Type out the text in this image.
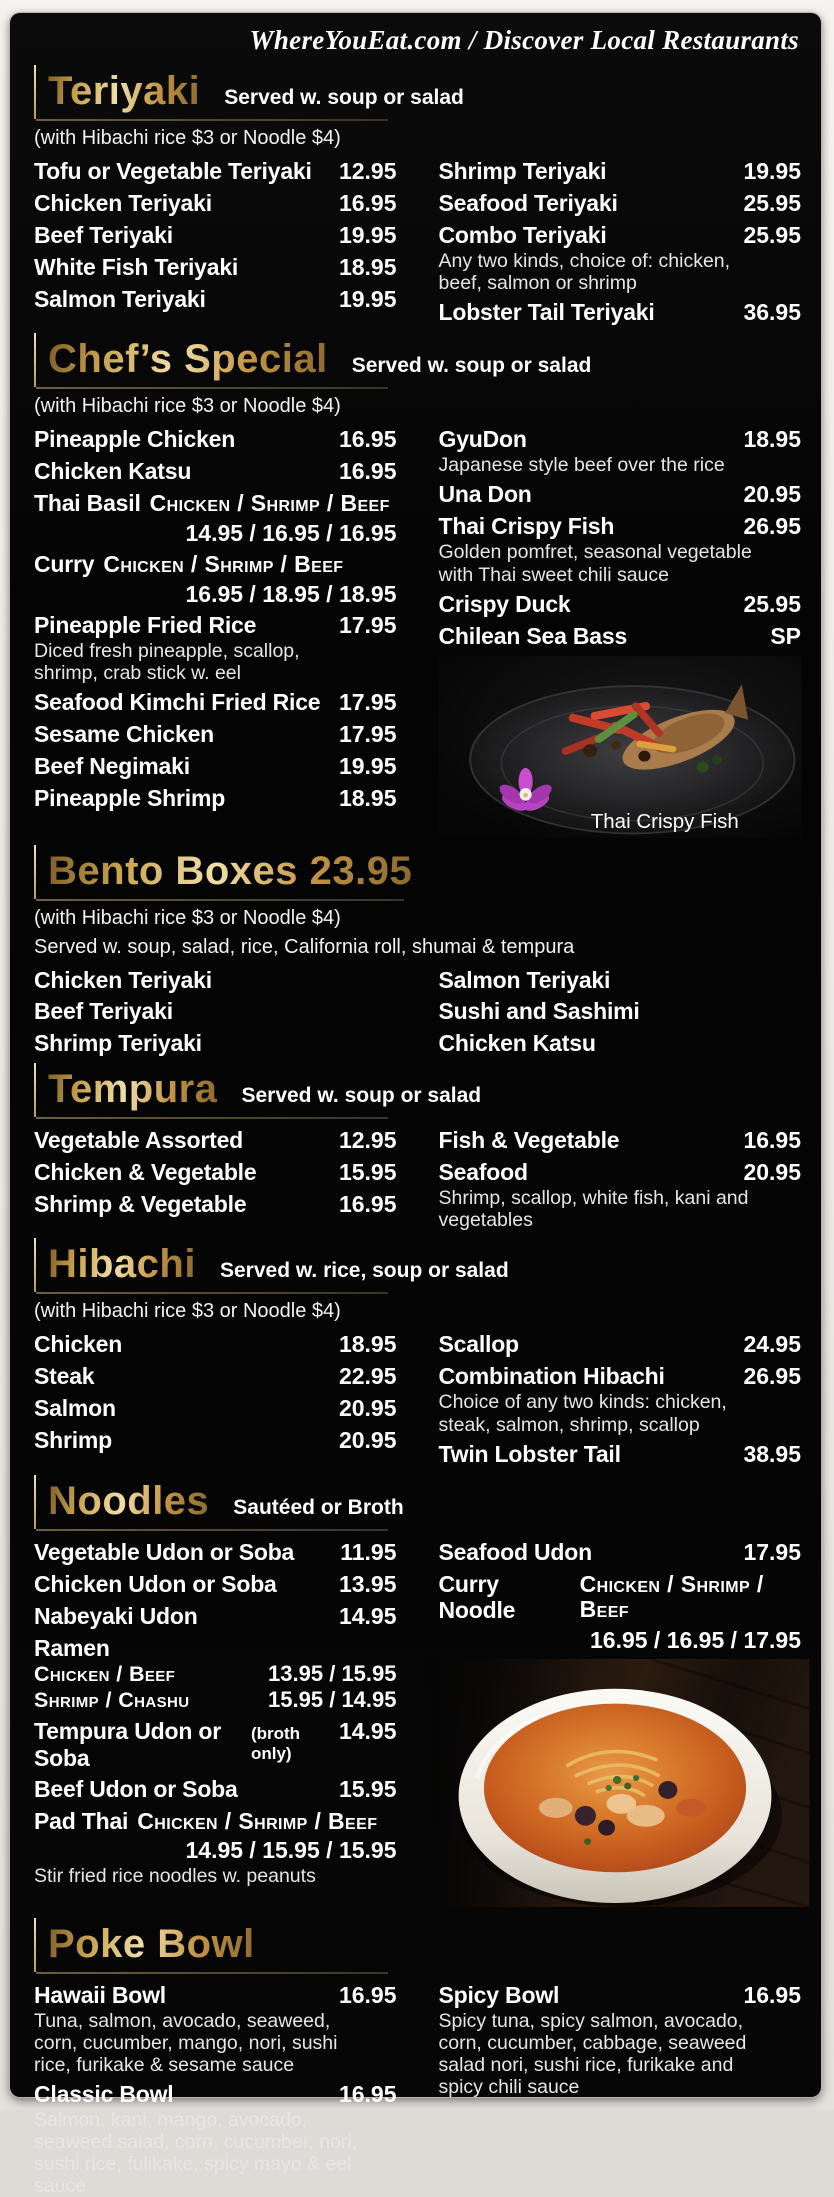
WhereYouEat.com / Discover Local Restaurants
Teriyaki Served w. soup or salad
(with Hibachi rice $3 or Noodle $4)
Tofu or Vegetable Teriyaki 12.95
Chicken Teriyaki	16.95
Beef Teriyaki	19.95
White Fish Teriyaki	18.95
Salmon Teriyaki	19.95
Shrimp Teriyaki	19.95
Seafood Teriyaki	25.95
Combo Teriyaki	25.95
Any two kinds, choice of: chicken, beef, salmon or shrimp
Lobster Tail Teriyaki	36.95
Chef’s Special Served w. soup or salad
(with Hibachi rice $3 or Noodle $4)
Pineapple Chicken	16.95
Chicken Katsu	16.95
Thai Basil Chicken / Shrimp / Beef
14.95 / 16.95 / 16.95
Curry Chicken / Shrimp / Beef
16.95 / 18.95 / 18.95
Pineapple Fried Rice	17.95
Diced fresh pineapple, scallop, shrimp, crab stick w. eel
Seafood Kimchi Fried Rice 17.95
Sesame Chicken	17.95
Beef Negimaki	19.95
Pineapple Shrimp	18.95
GyuDon	18.95
Japanese style beef over the rice
Una Don	20.95
Thai Crispy Fish	26.95
Golden pomfret, seasonal vegetable with Thai sweet chili sauce
Crispy Duck	25.95
Chilean Sea Bass	SP
Thai Crispy Fish
Bento Boxes 23.95
(with Hibachi rice $3 or Noodle $4)
Served w. soup, salad, rice, California roll, shumai & tempura
Chicken Teriyaki
Beef Teriyaki
Shrimp Teriyaki
Salmon Teriyaki
Sushi and Sashimi
Chicken Katsu
Tempura Served w. soup or salad
Vegetable Assorted	12.95
Chicken & Vegetable	15.95
Shrimp & Vegetable	16.95
Fish & Vegetable	16.95
Seafood	20.95
Shrimp, scallop, white fish, kani and vegetables
Hibachi Served w. rice, soup or salad
(with Hibachi rice $3 or Noodle $4)
Chicken	18.95
Steak	22.95
Salmon	20.95
Shrimp	20.95
Scallop	24.95
Combination Hibachi	26.95
Choice of any two kinds: chicken, steak, salmon, shrimp, scallop
Twin Lobster Tail	38.95
Noodles Sautéed or Broth
Vegetable Udon or Soba 11.95
Chicken Udon or Soba	13.95
Nabeyaki Udon	14.95
Ramen
Chicken / Beef	13.95 / 15.95
Shrimp / Chashu	15.95 / 14.95
Tempura Udon or Soba
(broth only)
14.95
Beef Udon or Soba	15.95
Pad Thai Chicken / Shrimp / Beef
14.95 / 15.95 / 15.95
Stir fried rice noodles w. peanuts
Seafood Udon	17.95
Curry Noodle
Chicken / Shrimp / Beef
16.95 / 16.95 / 17.95
Poke Bowl
Hawaii Bowl	16.95
Tuna, salmon, avocado, seaweed, corn, cucumber, mango, nori, sushi rice, furikake & sesame sauce
Classic Bowl	16.95
Salmon, kani, mango, avocado, seaweed salad, corn, cucumber, nori, sushi rice, fulikake, spicy mayo & eel sauce
Spicy Bowl	16.95
Spicy tuna, spicy salmon, avocado, corn, cucumber, cabbage, seaweed salad nori, sushi rice, furikake and spicy chili sauce
